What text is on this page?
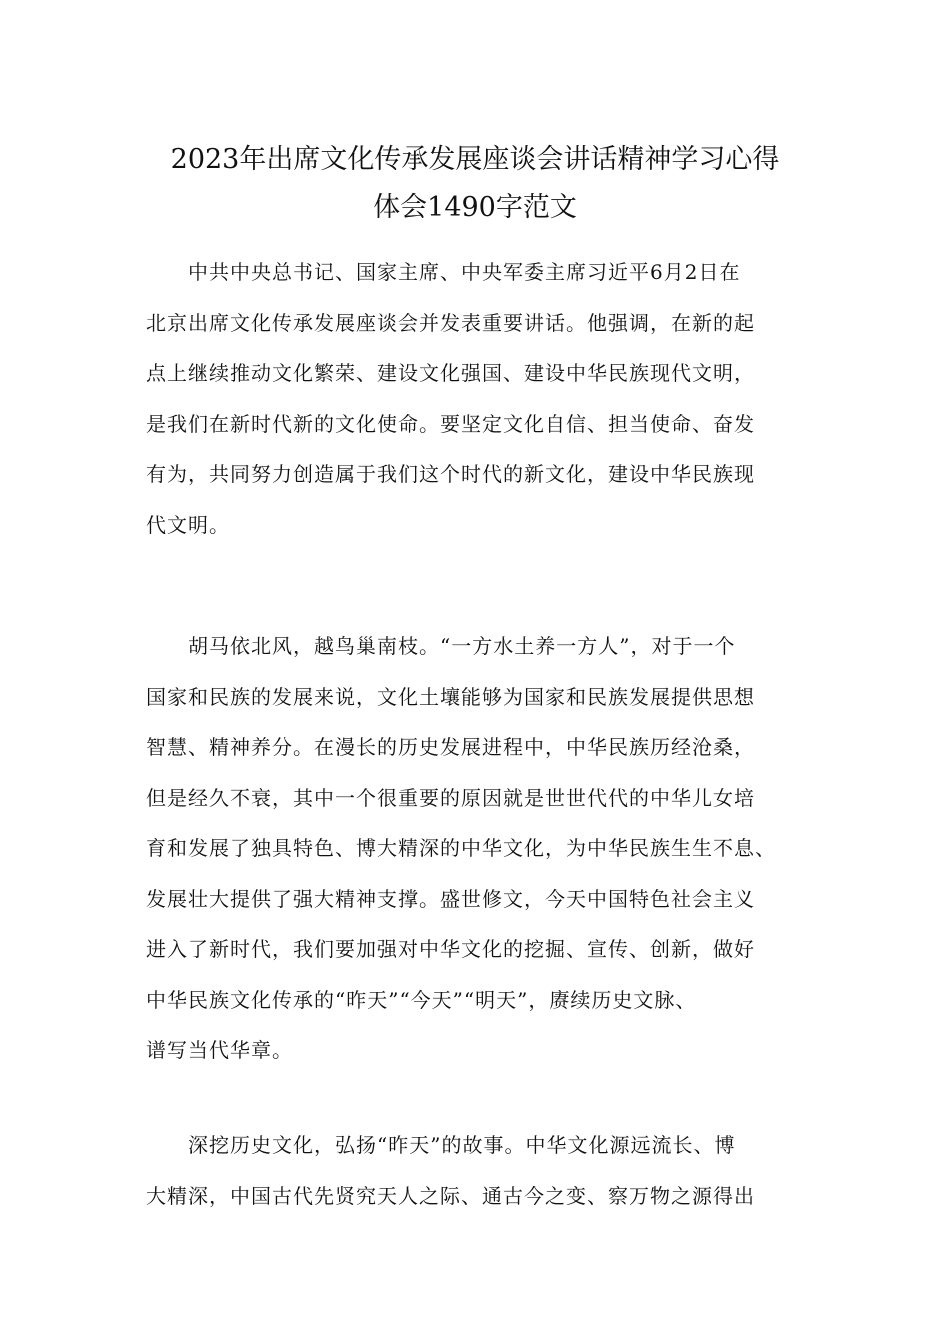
2023年出席文化传承发展座谈会讲话精神学习心得
体会1490字范文
中共中央总书记、国家主席、中央军委主席习近平6月2日在
北京出席文化传承发展座谈会并发表重要讲话。他强调，在新的起
点上继续推动文化繁荣、建设文化强国、建设中华民族现代文明，
是我们在新时代新的文化使命。要坚定文化自信、担当使命、奋发
有为，共同努力创造属于我们这个时代的新文化，建设中华民族现
代文明。
胡马依北风，越鸟巢南枝。“一方水土养一方人”，对于一个
国家和民族的发展来说，文化土壤能够为国家和民族发展提供思想
智慧、精神养分。在漫长的历史发展进程中，中华民族历经沧桑，
但是经久不衰，其中一个很重要的原因就是世世代代的中华儿女培
育和发展了独具特色、博大精深的中华文化，为中华民族生生不息、
发展壮大提供了强大精神支撑。盛世修文，今天中国特色社会主义
进入了新时代，我们要加强对中华文化的挖掘、宣传、创新，做好
中华民族文化传承的“昨天”“今天”“明天”，赓续历史文脉、
谱写当代华章。
深挖历史文化，弘扬“昨天”的故事。中华文化源远流长、博
大精深，中国古代先贤究天人之际、通古今之变、察万物之源得出
